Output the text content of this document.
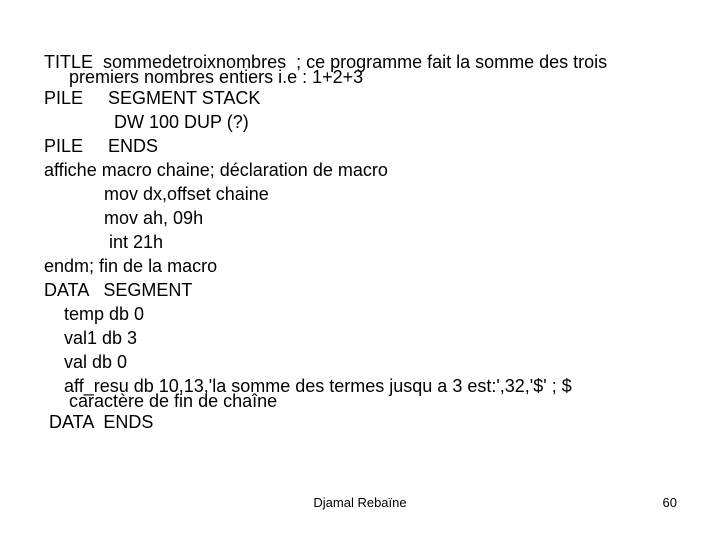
TITLE  sommedetroixnombres  ; ce programme fait la somme des trois
premiers nombres entiers i.e : 1+2+3
PILE     SEGMENT STACK
DW 100 DUP (?)
PILE     ENDS
affiche macro chaine; déclaration de macro
mov dx,offset chaine
mov ah, 09h
int 21h
endm; fin de la macro
DATA   SEGMENT
temp db 0
val1 db 3
val db 0
aff_resu db 10,13,'la somme des termes jusqu a 3 est:',32,'$' ; $
caractère de fin de chaîne
DATA  ENDS
Djamal Rebaïne	60
